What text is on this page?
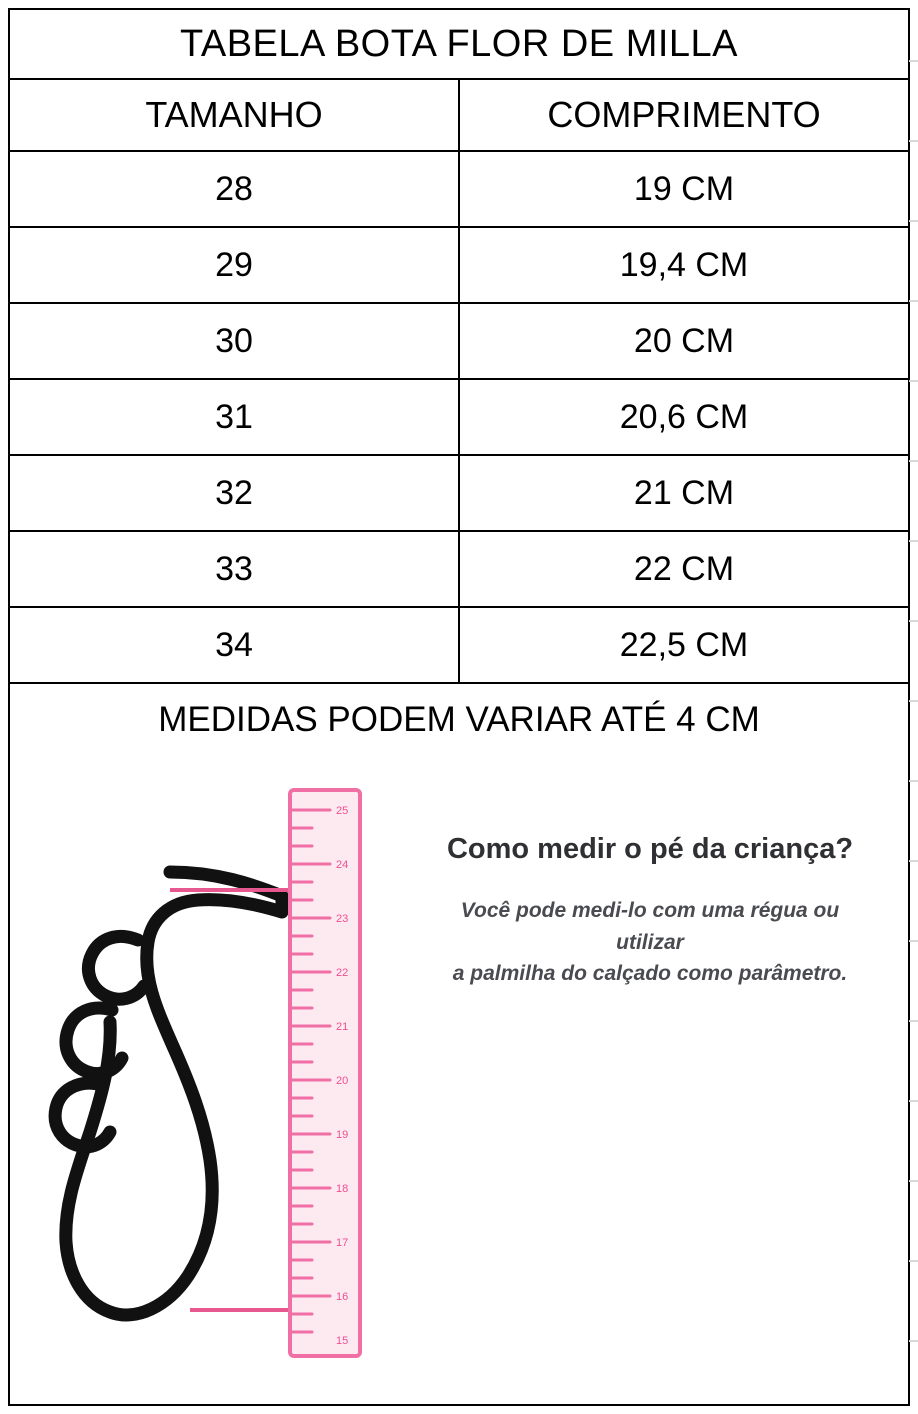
TABELA BOTA FLOR DE MILLA	
TAMANHO	COMPRIMENTO
28	19 CM
29	19,4 CM
30	20 CM
31	20,6 CM
32	21 CM
33	22 CM
34	22,5 CM
MEDIDAS PODEM VARIAR ATÉ 4 CM	
25
24
23
22
21
20
19
18
17
16
15
Como medir o pé da criança?
Você pode medi-lo com uma régua ou
utilizar
a palmilha do calçado como parâmetro.
